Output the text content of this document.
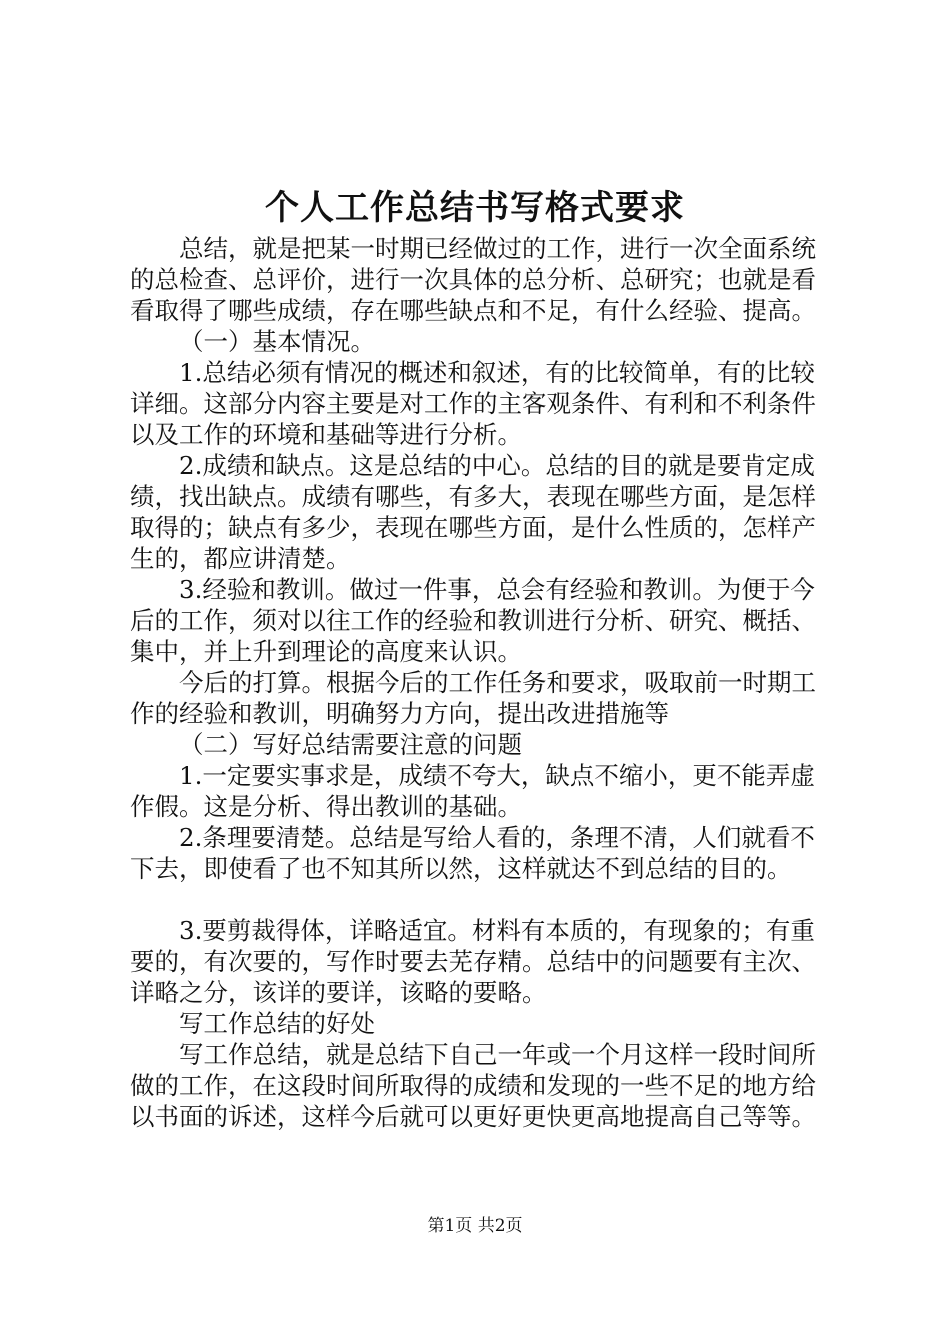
个人工作总结书写格式要求

总结，就是把某一时期已经做过的工作，进行一次全面系统的总检查、总评价，进行一次具体的总分析、总研究；也就是看看取得了哪些成绩，存在哪些缺点和不足，有什么经验、提高。

（一）基本情况。

1.总结必须有情况的概述和叙述，有的比较简单，有的比较详细。这部分内容主要是对工作的主客观条件、有利和不利条件以及工作的环境和基础等进行分析。

2.成绩和缺点。这是总结的中心。总结的目的就是要肯定成绩，找出缺点。成绩有哪些，有多大，表现在哪些方面，是怎样取得的；缺点有多少，表现在哪些方面，是什么性质的，怎样产生的，都应讲清楚。

3.经验和教训。做过一件事，总会有经验和教训。为便于今后的工作，须对以往工作的经验和教训进行分析、研究、概括、集中，并上升到理论的高度来认识。

今后的打算。根据今后的工作任务和要求，吸取前一时期工作的经验和教训，明确努力方向，提出改进措施等

（二）写好总结需要注意的问题

1.一定要实事求是，成绩不夸大，缺点不缩小，更不能弄虚作假。这是分析、得出教训的基础。

2.条理要清楚。总结是写给人看的，条理不清，人们就看不下去，即使看了也不知其所以然，这样就达不到总结的目的。

3.要剪裁得体，详略适宜。材料有本质的，有现象的；有重要的，有次要的，写作时要去芜存精。总结中的问题要有主次、详略之分，该详的要详，该略的要略。

写工作总结的好处

写工作总结，就是总结下自己一年或一个月这样一段时间所做的工作，在这段时间所取得的成绩和发现的一些不足的地方给以书面的诉述，这样今后就可以更好更快更高地提高自己等等。

第1页 共2页
